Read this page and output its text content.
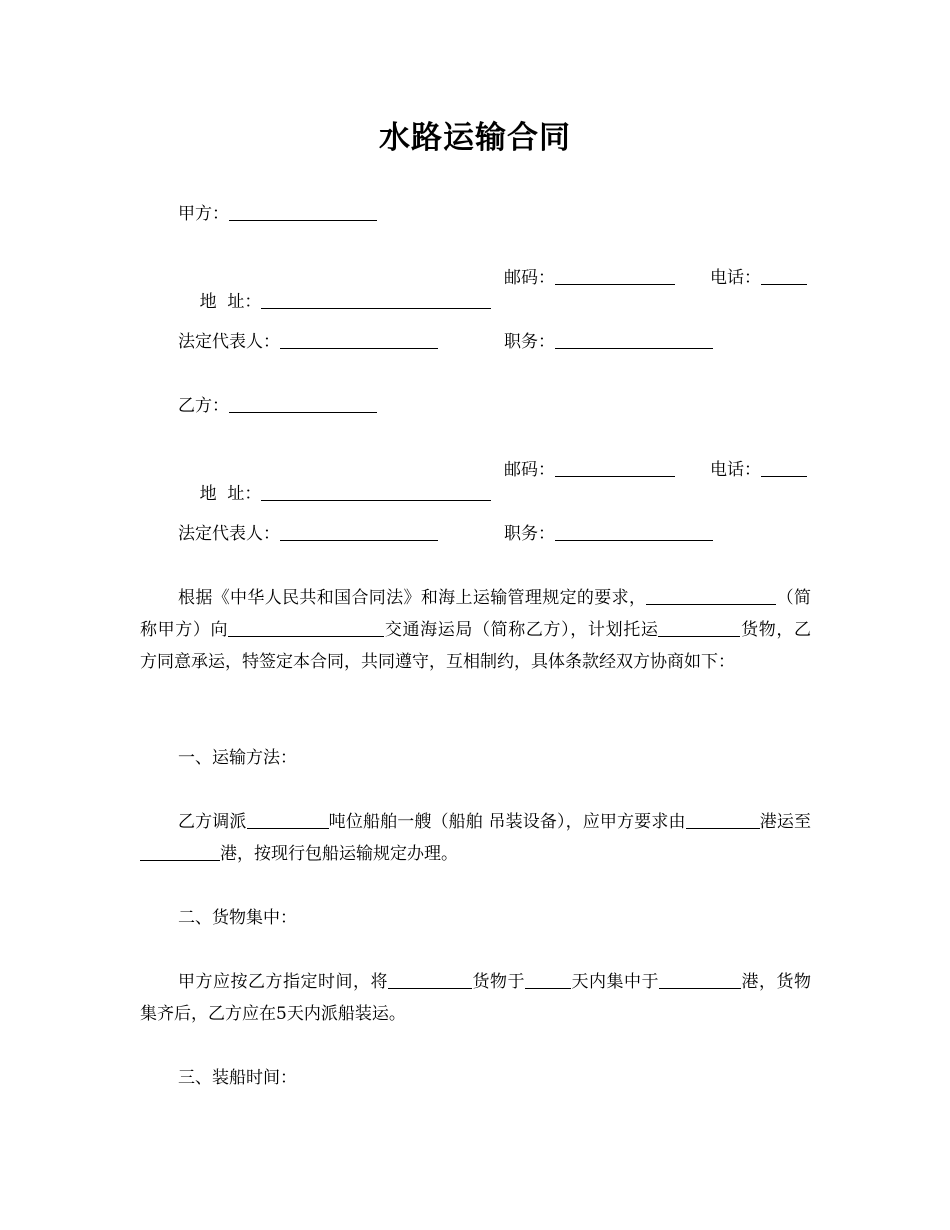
水路运输合同
甲方：

地  址：

邮码：	电话：
法定代表人：	职务：
乙方：

地  址：

邮码：	电话：
法定代表人：	职务：
根据《中华人民共和国合同法》和海上运输管理规定的要求，	（简称甲方）向	交通海运局（简称乙方），计划托运	货物，乙方同意承运，特签定本合同，共同遵守，互相制约，具体条款经双方协商如下：
一、运输方法：
乙方调派	吨位船舶一艘（船舶 吊装设备），应甲方要求由	港运至港，按现行包船运输规定办理。
二、货物集中：
甲方应按乙方指定时间，将	货物于	天内集中于	港，货物集齐后，乙方应在5天内派船装运。
三、装船时间：
